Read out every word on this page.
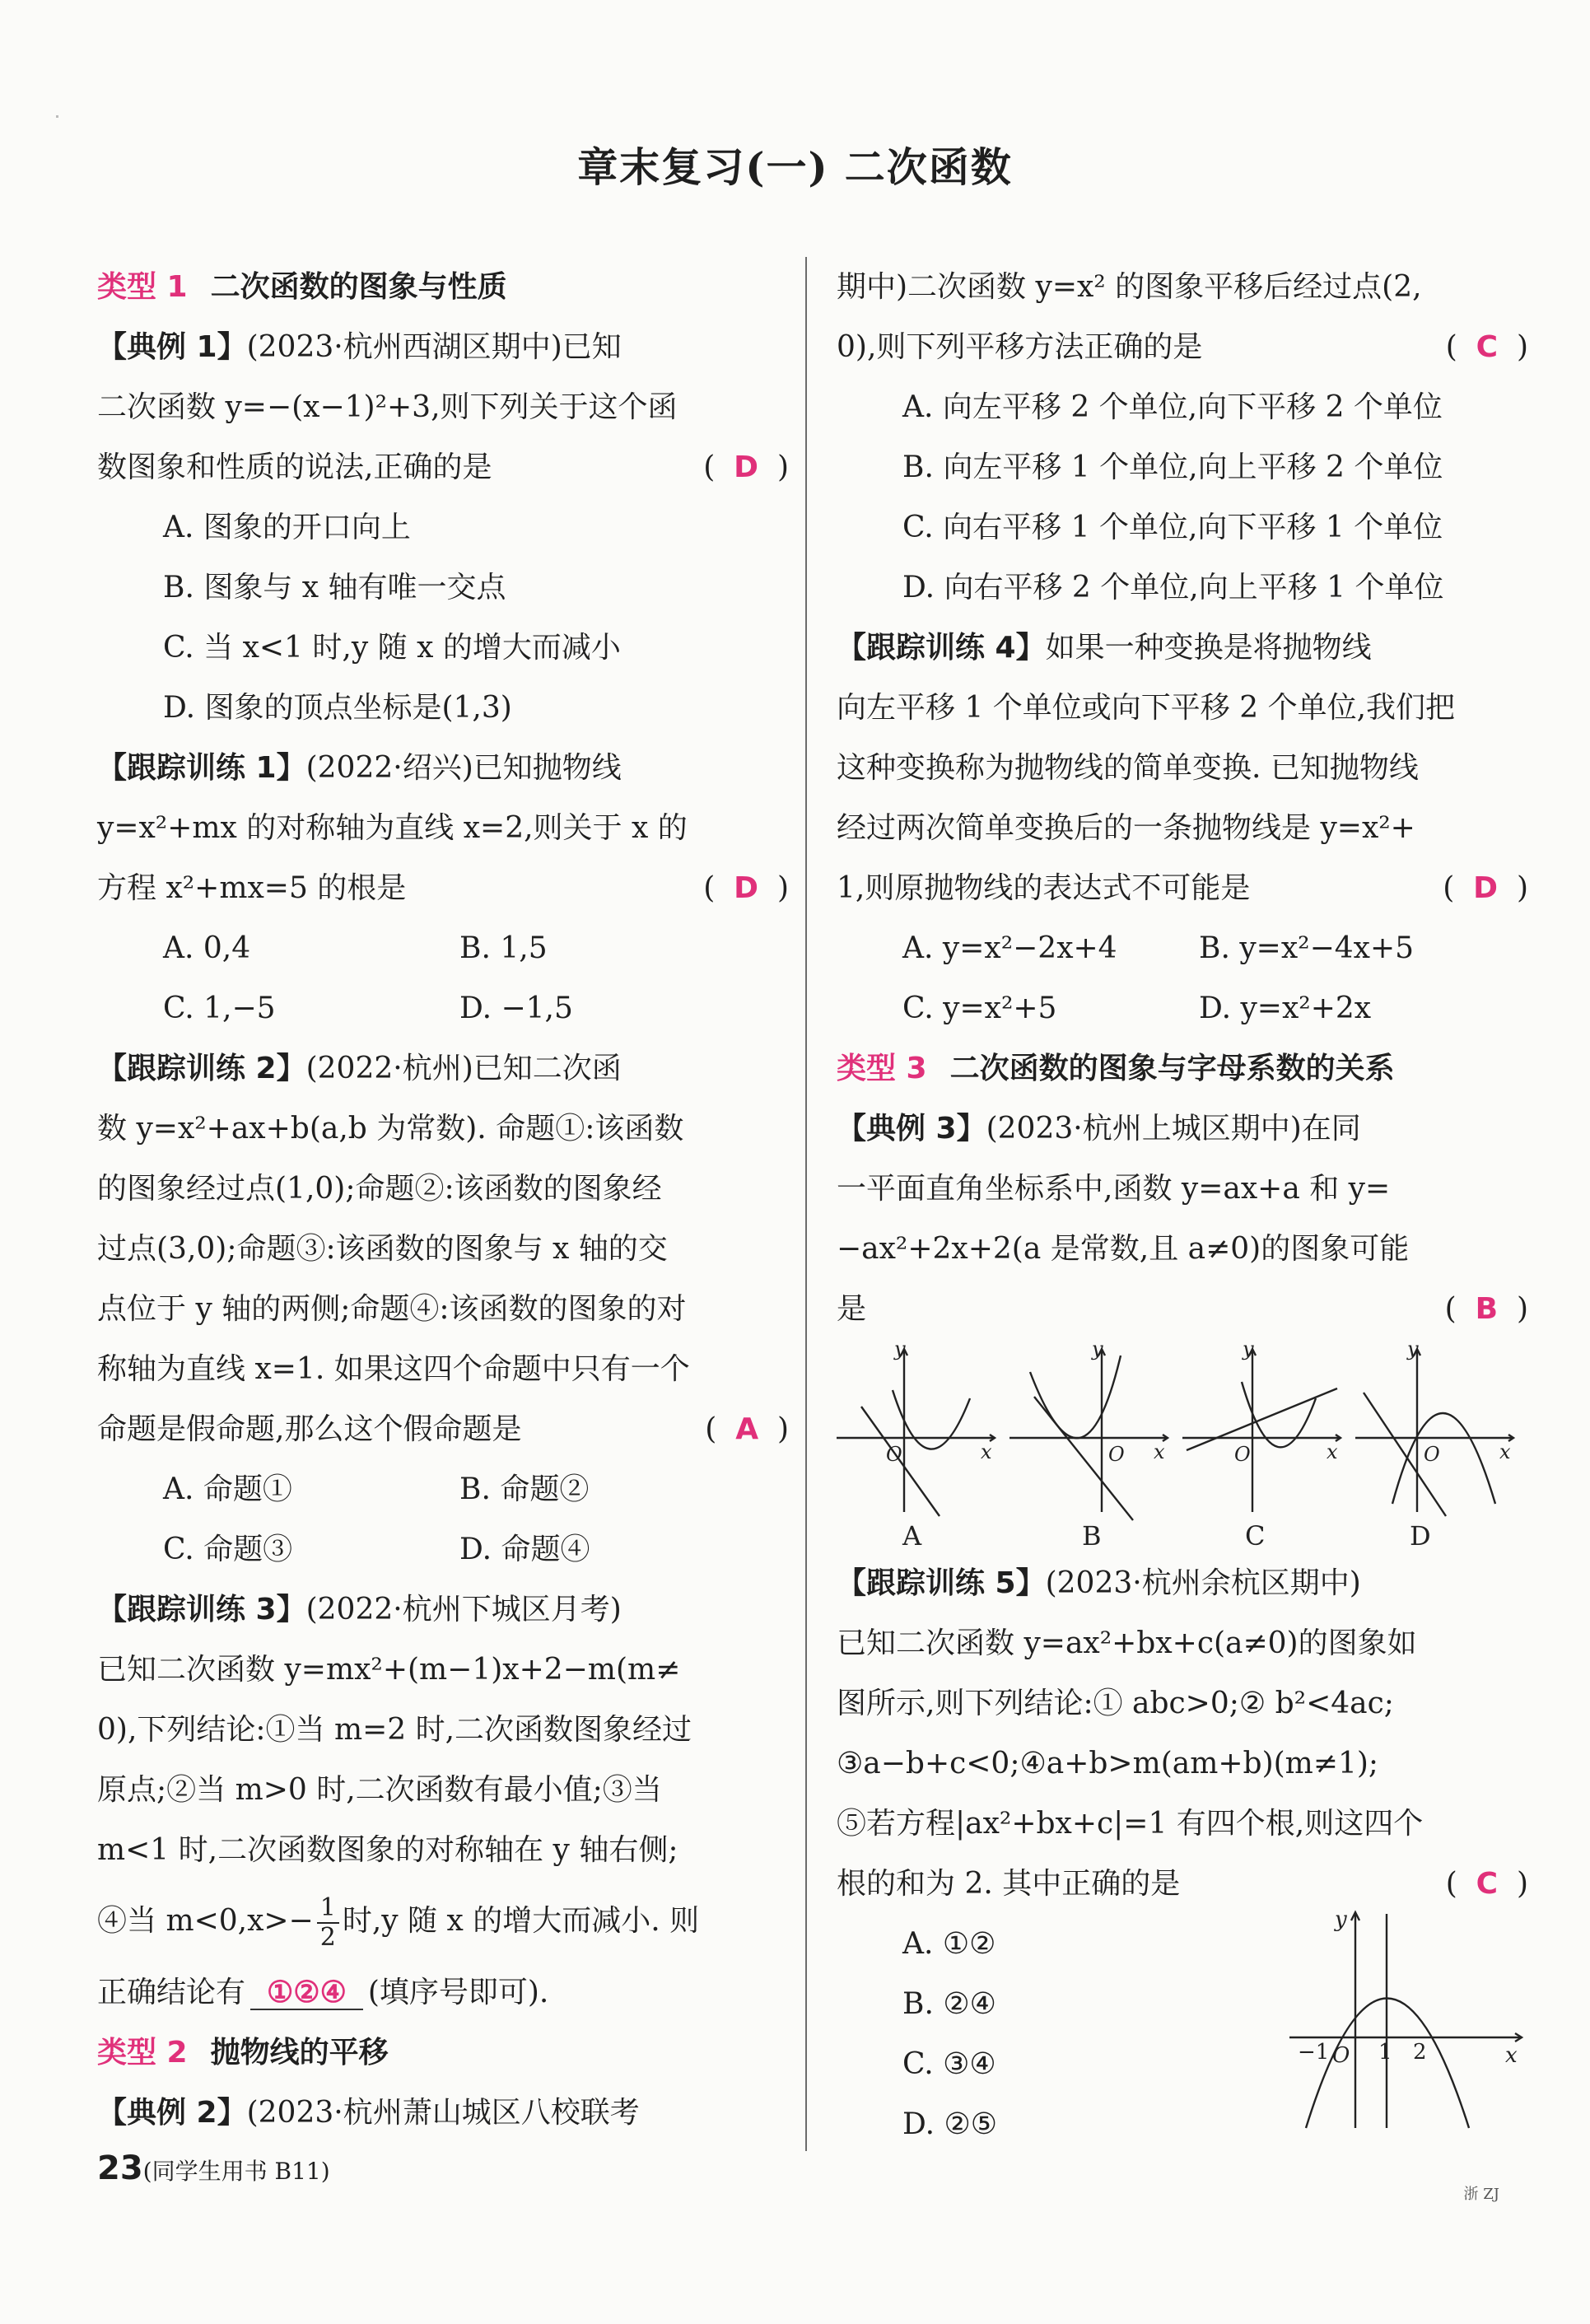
章末复习(一) 二次函数
类型 1 二次函数的图象与性质
【典例 1】(2023·杭州西湖区期中)已知
二次函数 y=−(x−1)²+3,则下列关于这个函
数图象和性质的说法,正确的是	(  D  )
A. 图象的开口向上
B. 图象与 x 轴有唯一交点
C. 当 x<1 时,y 随 x 的增大而减小
D. 图象的顶点坐标是(1,3)
【跟踪训练 1】(2022·绍兴)已知抛物线
y=x²+mx 的对称轴为直线 x=2,则关于 x 的
方程 x²+mx=5 的根是	(  D  )
A. 0,4	B. 1,5
C. 1,−5	D. −1,5
【跟踪训练 2】(2022·杭州)已知二次函
数 y=x²+ax+b(a,b 为常数). 命题①:该函数
的图象经过点(1,0);命题②:该函数的图象经
过点(3,0);命题③:该函数的图象与 x 轴的交
点位于 y 轴的两侧;命题④:该函数的图象的对
称轴为直线 x=1. 如果这四个命题中只有一个
命题是假命题,那么这个假命题是	(  A  )
A. 命题①	B. 命题②
C. 命题③	D. 命题④
【跟踪训练 3】(2022·杭州下城区月考)
已知二次函数 y=mx²+(m−1)x+2−m(m≠
0),下列结论:①当 m=2 时,二次函数图象经过
原点;②当 m>0 时,二次函数有最小值;③当
m<1 时,二次函数图象的对称轴在 y 轴右侧;
④当 $m<0,x>- \frac{1}{2}$ 时,y 随 x 的增大而减小. 则
正确结论有 ①②④ (填序号即可).
类型 2 抛物线的平移
【典例 2】(2023·杭州萧山城区八校联考
期中)二次函数 y=x² 的图象平移后经过点(2,
0),则下列平移方法正确的是	(  C  )
A. 向左平移 2 个单位,向下平移 2 个单位
B. 向左平移 1 个单位,向上平移 2 个单位
C. 向右平移 1 个单位,向下平移 1 个单位
D. 向右平移 2 个单位,向上平移 1 个单位
【跟踪训练 4】如果一种变换是将抛物线
向左平移 1 个单位或向下平移 2 个单位,我们把
这种变换称为抛物线的简单变换. 已知抛物线
经过两次简单变换后的一条抛物线是 y=x²+
1,则原抛物线的表达式不可能是	(  D  )
A. y=x²−2x+4	B. y=x²−4x+5
C. y=x²+5	D. y=x²+2x
类型 3 二次函数的图象与字母系数的关系
【典例 3】(2023·杭州上城区期中)在同
一平面直角坐标系中,函数 y=ax+a 和 y=
−ax²+2x+2(a 是常数,且 a≠0)的图象可能
是	(  B  )
y
x
O
y
x
O
y
x
O
y
x
O
A	B	C	D
【跟踪训练 5】(2023·杭州余杭区期中)
已知二次函数 y=ax²+bx+c(a≠0)的图象如
图所示,则下列结论:① abc>0;② b²<4ac;
③a−b+c<0;④a+b>m(am+b)(m≠1);
⑤若方程|ax²+bx+c|=1 有四个根,则这四个
根的和为 2. 其中正确的是	(  C  )
A. ①②
B. ②④
C. ③④
D. ②⑤
y
x
O
−1 1 2
23(同学生用书 B11)
浙 ZJ
